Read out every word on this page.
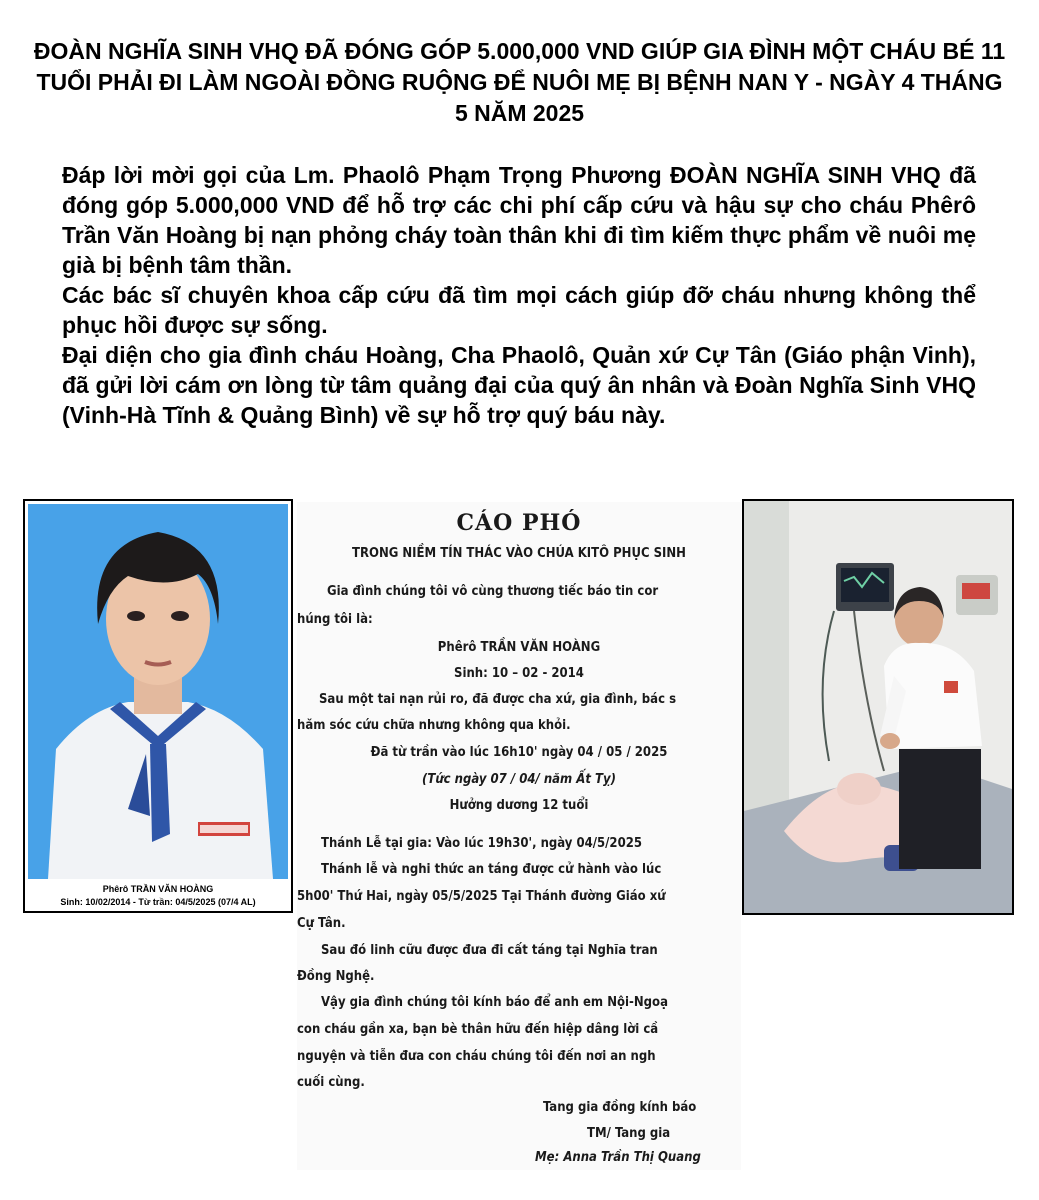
ĐOÀN NGHĨA SINH VHQ ĐÃ ĐÓNG GÓP 5.000,000 VND GIÚP GIA ĐÌNH MỘT CHÁU BÉ 11 TUỔI PHẢI ĐI LÀM NGOÀI ĐỒNG RUỘNG ĐỂ NUÔI MẸ BỊ BỆNH NAN Y - NGÀY 4 THÁNG 5 NĂM 2025

Đáp lời mời gọi của Lm. Phaolô Phạm Trọng Phương ĐOÀN NGHĨA SINH VHQ đã đóng góp 5.000,000 VND để hỗ trợ các chi phí cấp cứu và hậu sự cho cháu Phêrô Trần Văn Hoàng bị nạn phỏng cháy toàn thân khi đi tìm kiếm thực phẩm về nuôi mẹ già bị bệnh tâm thần.

Các bác sĩ chuyên khoa cấp cứu đã tìm mọi cách giúp đỡ cháu nhưng không thể phục hồi được sự sống.

Đại diện cho gia đình cháu Hoàng, Cha Phaolô, Quản xứ Cự Tân (Giáo phận Vinh), đã gửi lời cám ơn lòng từ tâm quảng đại của quý ân nhân và Đoàn Nghĩa Sinh VHQ (Vinh-Hà Tĩnh & Quảng Bình) về sự hỗ trợ quý báu này.

Phêrô TRẦN VĂN HOÀNG
Sinh: 10/02/2014 - Từ trần: 04/5/2025 (07/4 AL)
CÁO PHÓ
TRONG NIỀM TÍN THÁC VÀO CHÚA KITÔ PHỤC SINH
Gia đình chúng tôi vô cùng thương tiếc báo tin cor
húng tôi là:
Phêrô TRẦN VĂN HOÀNG
Sinh: 10 – 02 - 2014
Sau một tai nạn rủi ro, đã được cha xứ, gia đình, bác s
hăm sóc cứu chữa nhưng không qua khỏi.
Đã từ trần vào lúc 16h10' ngày 04 / 05 / 2025
(Tức ngày 07 / 04/ năm Ất Tỵ)
Hưởng dương 12 tuổi
Thánh Lễ tại gia: Vào lúc 19h30', ngày 04/5/2025
Thánh lễ và nghi thức an táng được cử hành vào lúc
5h00' Thứ Hai, ngày 05/5/2025 Tại Thánh đường Giáo xứ
Cự Tân.
Sau đó linh cữu được đưa đi cất táng tại Nghĩa tran
Đồng Nghệ.
Vậy gia đình chúng tôi kính báo để anh em Nội-Ngoạ
con cháu gần xa, bạn bè thân hữu đến hiệp dâng lời cầ
nguyện và tiễn đưa con cháu chúng tôi đến nơi an ngh
cuối cùng.
Tang gia đồng kính báo
TM/ Tang gia
Mẹ: Anna Trần Thị Quang
